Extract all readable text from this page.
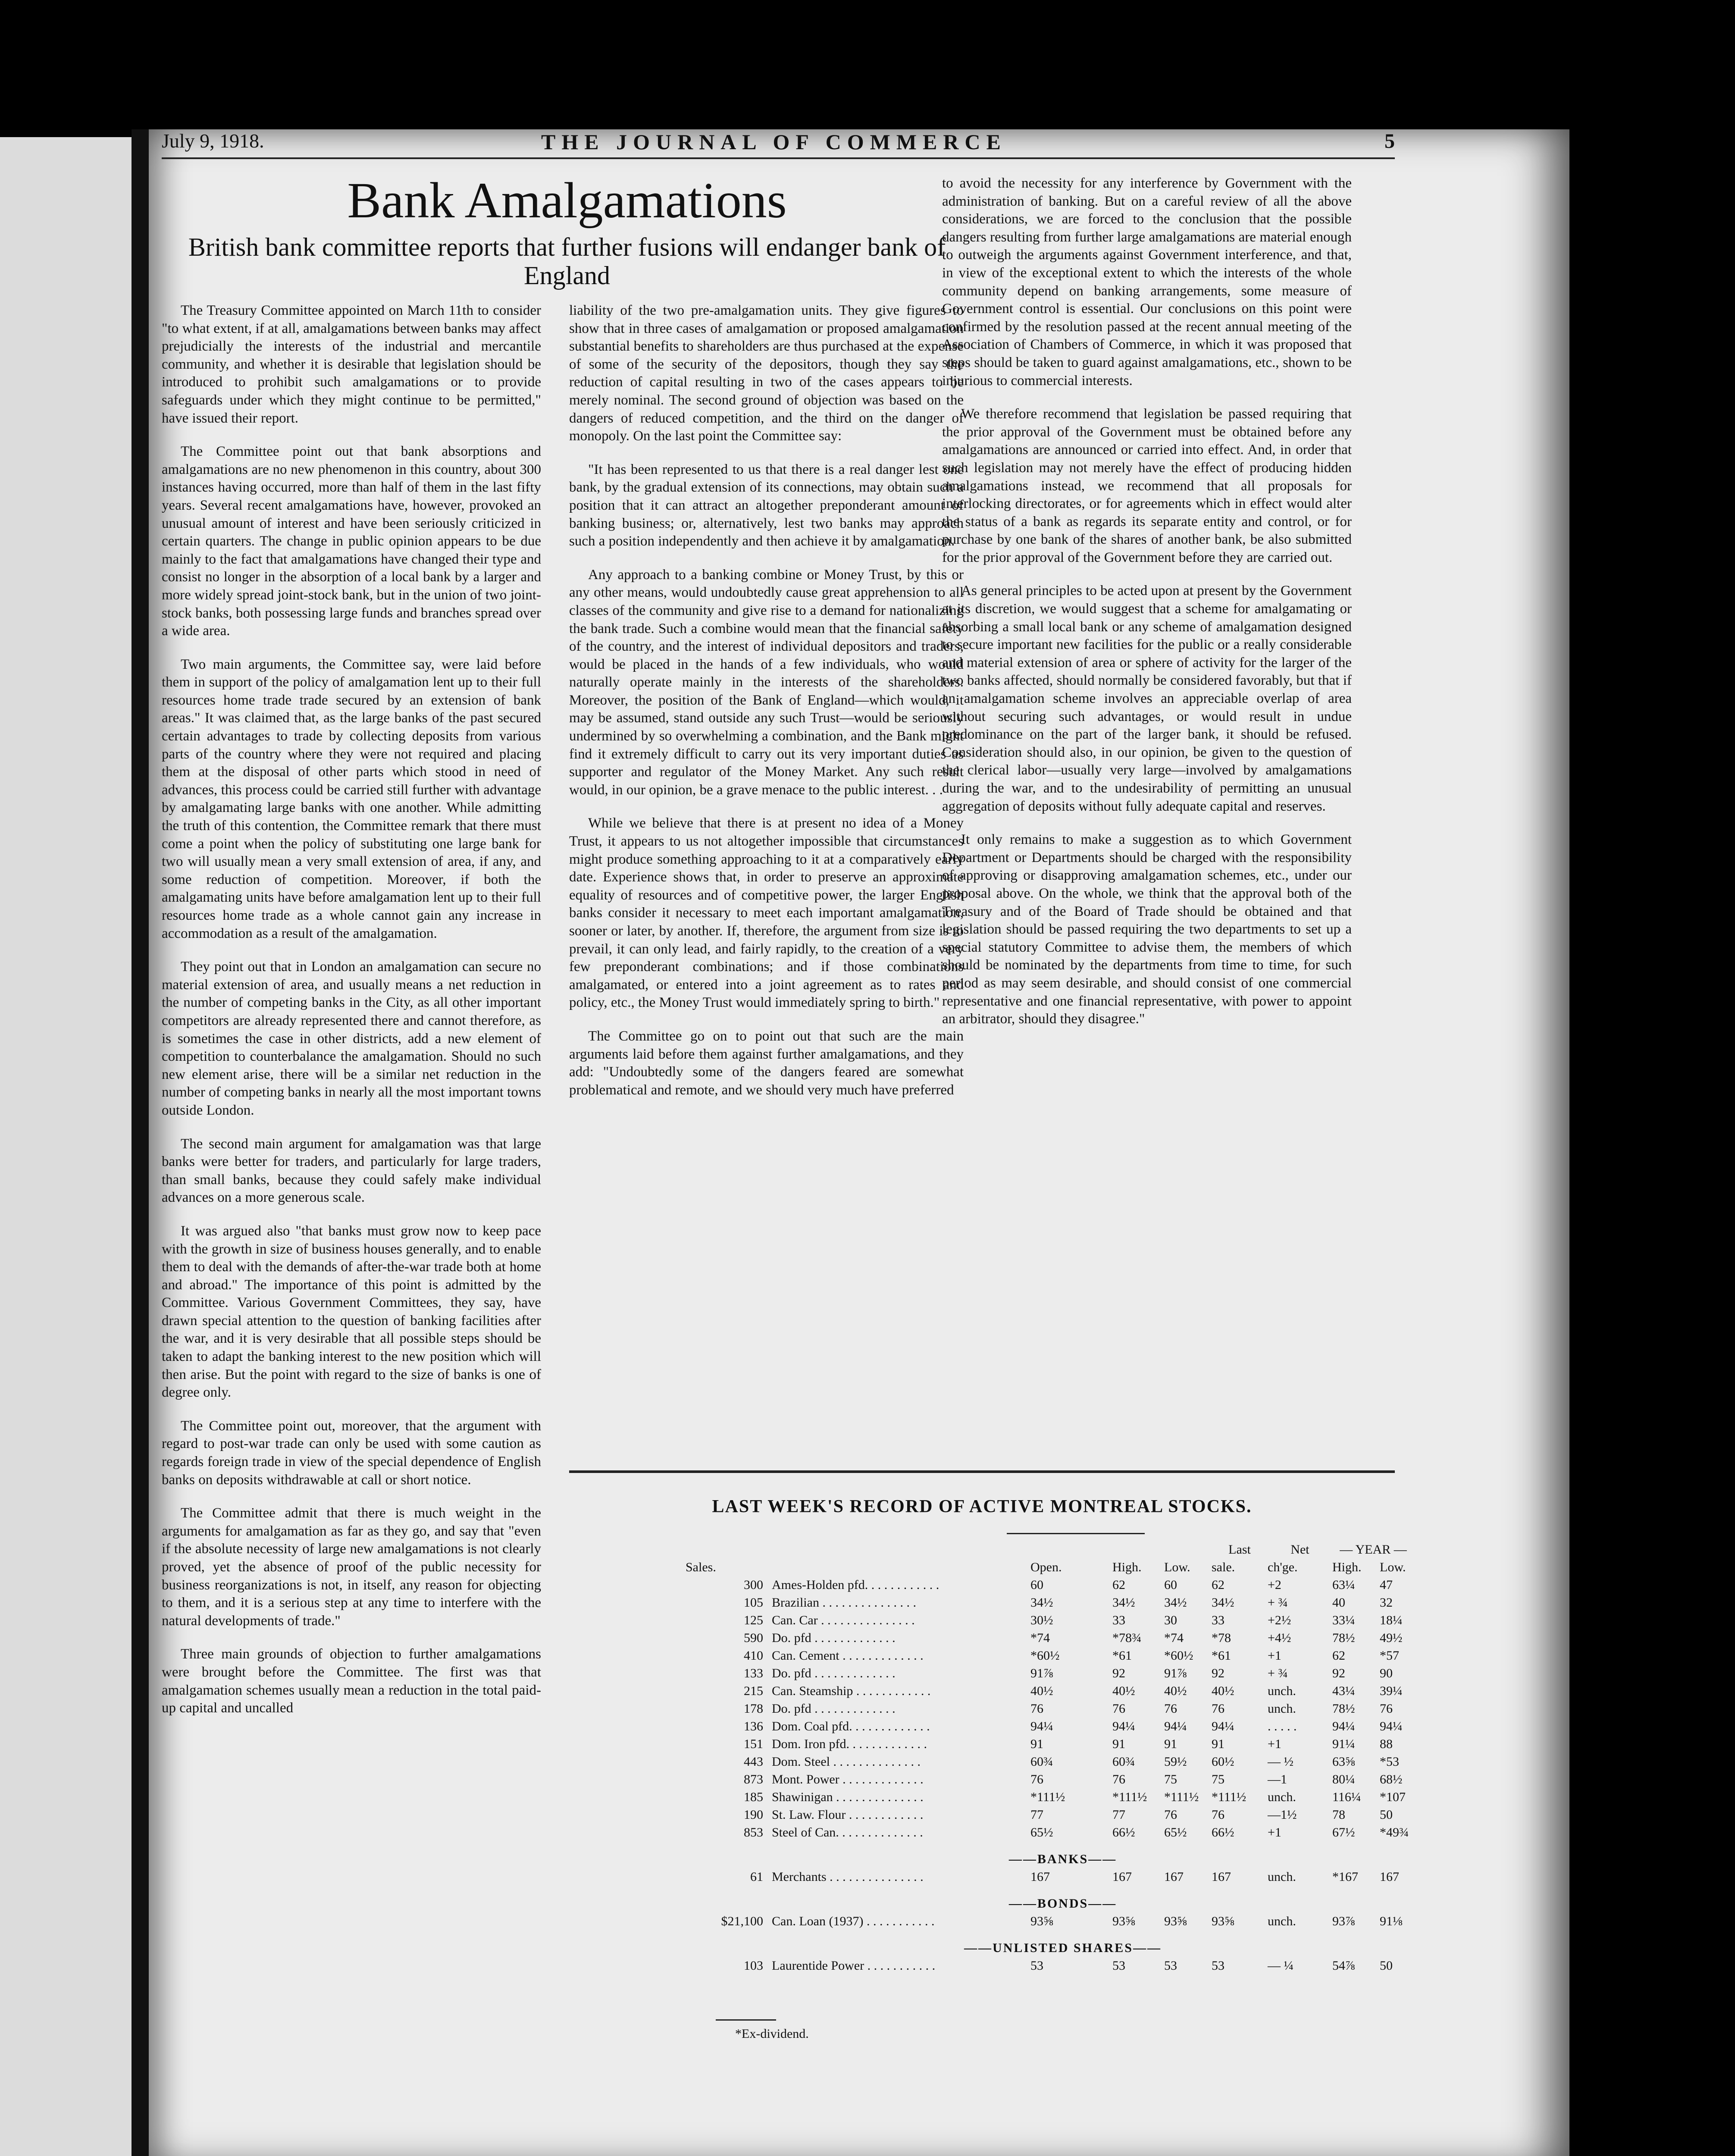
July 9, 1918.	THE JOURNAL OF COMMERCE	5
Bank Amalgamations
British bank committee reports that further fusions will endanger bank of England

The Treasury Committee appointed on March 11th to consider "to what extent, if at all, amalgamations between banks may affect prejudicially the interests of the industrial and mercantile community, and whether it is desirable that legislation should be introduced to prohibit such amalgamations or to provide safeguards under which they might continue to be permitted," have issued their report.

The Committee point out that bank absorptions and amalgamations are no new phenomenon in this country, about 300 instances having occurred, more than half of them in the last fifty years. Several recent amalgamations have, however, provoked an unusual amount of interest and have been seriously criticized in certain quarters. The change in public opinion appears to be due mainly to the fact that amalgamations have changed their type and consist no longer in the absorption of a local bank by a larger and more widely spread joint-stock bank, but in the union of two joint-stock banks, both possessing large funds and branches spread over a wide area.

Two main arguments, the Committee say, were laid before them in support of the policy of amalgamation lent up to their full resources home trade trade secured by an extension of bank areas." It was claimed that, as the large banks of the past secured certain advantages to trade by collecting deposits from various parts of the country where they were not required and placing them at the disposal of other parts which stood in need of advances, this process could be carried still further with advantage by amalgamating large banks with one another. While admitting the truth of this contention, the Committee remark that there must come a point when the policy of substituting one large bank for two will usually mean a very small extension of area, if any, and some reduction of competition. Moreover, if both the amalgamating units have before amalgamation lent up to their full resources home trade as a whole cannot gain any increase in accommodation as a result of the amalgamation.

They point out that in London an amalgamation can secure no material extension of area, and usually means a net reduction in the number of competing banks in the City, as all other important competitors are already represented there and cannot therefore, as is sometimes the case in other districts, add a new element of competition to counterbalance the amalgamation. Should no such new element arise, there will be a similar net reduction in the number of competing banks in nearly all the most important towns outside London.

The second main argument for amalgamation was that large banks were better for traders, and particularly for large traders, than small banks, because they could safely make individual advances on a more generous scale.

It was argued also "that banks must grow now to keep pace with the growth in size of business houses generally, and to enable them to deal with the demands of after-the-war trade both at home and abroad." The importance of this point is admitted by the Committee. Various Government Committees, they say, have drawn special attention to the question of banking facilities after the war, and it is very desirable that all possible steps should be taken to adapt the banking interest to the new position which will then arise. But the point with regard to the size of banks is one of degree only.

The Committee point out, moreover, that the argument with regard to post-war trade can only be used with some caution as regards foreign trade in view of the special dependence of English banks on deposits withdrawable at call or short notice.

The Committee admit that there is much weight in the arguments for amalgamation as far as they go, and say that "even if the absolute necessity of large new amalgamations is not clearly proved, yet the absence of proof of the public necessity for business reorganizations is not, in itself, any reason for objecting to them, and it is a serious step at any time to interfere with the natural developments of trade."

Three main grounds of objection to further amalgamations were brought before the Committee. The first was that amalgamation schemes usually mean a reduction in the total paid-up capital and uncalled

liability of the two pre-amalgamation units. They give figures to show that in three cases of amalgamation or proposed amalgamation substantial benefits to shareholders are thus purchased at the expense of some of the security of the depositors, though they say the reduction of capital resulting in two of the cases appears to be merely nominal. The second ground of objection was based on the dangers of reduced competition, and the third on the danger of monopoly. On the last point the Committee say:

"It has been represented to us that there is a real danger lest one bank, by the gradual extension of its connections, may obtain such a position that it can attract an altogether preponderant amount of banking business; or, alternatively, lest two banks may approach such a position independently and then achieve it by amalgamation.

Any approach to a banking combine or Money Trust, by this or any other means, would undoubtedly cause great apprehension to all classes of the community and give rise to a demand for nationalizing the bank trade. Such a combine would mean that the financial safety of the country, and the interest of individual depositors and traders, would be placed in the hands of a few individuals, who would naturally operate mainly in the interests of the shareholders. Moreover, the position of the Bank of England—which would, it may be assumed, stand outside any such Trust—would be seriously undermined by so overwhelming a combination, and the Bank might find it extremely difficult to carry out its very important duties as supporter and regulator of the Money Market. Any such result would, in our opinion, be a grave menace to the public interest. . .

While we believe that there is at present no idea of a Money Trust, it appears to us not altogether impossible that circumstances might produce something approaching to it at a comparatively early date. Experience shows that, in order to preserve an approximate equality of resources and of competitive power, the larger English banks consider it necessary to meet each important amalgamation, sooner or later, by another. If, therefore, the argument from size is to prevail, it can only lead, and fairly rapidly, to the creation of a very few preponderant combinations; and if those combinations amalgamated, or entered into a joint agreement as to rates and policy, etc., the Money Trust would immediately spring to birth."

The Committee go on to point out that such are the main arguments laid before them against further amalgamations, and they add: "Undoubtedly some of the dangers feared are somewhat problematical and remote, and we should very much have preferred

to avoid the necessity for any interference by Government with the administration of banking. But on a careful review of all the above considerations, we are forced to the conclusion that the possible dangers resulting from further large amalgamations are material enough to outweigh the arguments against Government interference, and that, in view of the exceptional extent to which the interests of the whole community depend on banking arrangements, some measure of Government control is essential. Our conclusions on this point were confirmed by the resolution passed at the recent annual meeting of the Association of Chambers of Commerce, in which it was proposed that steps should be taken to guard against amalgamations, etc., shown to be injurious to commercial interests.

We therefore recommend that legislation be passed requiring that the prior approval of the Government must be obtained before any amalgamations are announced or carried into effect. And, in order that such legislation may not merely have the effect of producing hidden amalgamations instead, we recommend that all proposals for interlocking directorates, or for agreements which in effect would alter the status of a bank as regards its separate entity and control, or for purchase by one bank of the shares of another bank, be also submitted for the prior approval of the Government before they are carried out.

As general principles to be acted upon at present by the Government at its discretion, we would suggest that a scheme for amalgamating or absorbing a small local bank or any scheme of amalgamation designed to secure important new facilities for the public or a really considerable and material extension of area or sphere of activity for the larger of the two banks affected, should normally be considered favorably, but that if an amalgamation scheme involves an appreciable overlap of area without securing such advantages, or would result in undue predominance on the part of the larger bank, it should be refused. Consideration should also, in our opinion, be given to the question of the clerical labor—usually very large—involved by amalgamations during the war, and to the undesirability of permitting an unusual aggregation of deposits without fully adequate capital and reserves.

It only remains to make a suggestion as to which Government Department or Departments should be charged with the responsibility of approving or disapproving amalgamation schemes, etc., under our proposal above. On the whole, we think that the approval both of the Treasury and of the Board of Trade should be obtained and that legislation should be passed requiring the two departments to set up a special statutory Committee to advise them, the members of which should be nominated by the departments from time to time, for such period as may seem desirable, and should consist of one commercial representative and one financial representative, with power to appoint an arbitrator, should they disagree."

LAST WEEK'S RECORD OF ACTIVE MONTREAL STOCKS.
					Last	Net	— YEAR —
Sales.		Open.	High.	Low.	sale.	ch'ge.	High.	Low.
300	Ames-Holden pfd. . . . . . . . . . . .	60	62	60	62	+2	63¼	47
105	Brazilian . . . . . . . . . . . . . . .	34½	34½	34½	34½	+ ¾	40	32
125	Can. Car . . . . . . . . . . . . . . .	30½	33	30	33	+2½	33¼	18¼
590	Do. pfd . . . . . . . . . . . . .	*74	*78¾	*74	*78	+4½	78½	49½
410	Can. Cement . . . . . . . . . . . . .	*60½	*61	*60½	*61	+1	62	*57
133	Do. pfd . . . . . . . . . . . . .	91⅞	92	91⅞	92	+ ¾	92	90
215	Can. Steamship . . . . . . . . . . . .	40½	40½	40½	40½	unch.	43¼	39¼
178	Do. pfd . . . . . . . . . . . . .	76	76	76	76	unch.	78½	76
136	Dom. Coal pfd. . . . . . . . . . . . .	94¼	94¼	94¼	94¼	. . . . .	94¼	94¼
151	Dom. Iron pfd. . . . . . . . . . . . .	91	91	91	91	+1	91¼	88
443	Dom. Steel . . . . . . . . . . . . . .	60¾	60¾	59½	60½	— ½	63⅝	*53
873	Mont. Power . . . . . . . . . . . . .	76	76	75	75	—1	80¼	68½
185	Shawinigan . . . . . . . . . . . . . .	*111½	*111½	*111½	*111½	unch.	116¼	*107
190	St. Law. Flour . . . . . . . . . . . .	77	77	76	76	—1½	78	50
853	Steel of Can. . . . . . . . . . . . . .	65½	66½	65½	66½	+1	67½	*49¾
——BANKS——
61	Merchants . . . . . . . . . . . . . . .	167	167	167	167	unch.	*167	167
——BONDS——
$21,100	Can. Loan (1937) . . . . . . . . . . .	93⅝	93⅝	93⅝	93⅝	unch.	93⅞	91⅛
——UNLISTED SHARES——
103	Laurentide Power . . . . . . . . . . .	53	53	53	53	— ¼	54⅞	50
*Ex-dividend.
